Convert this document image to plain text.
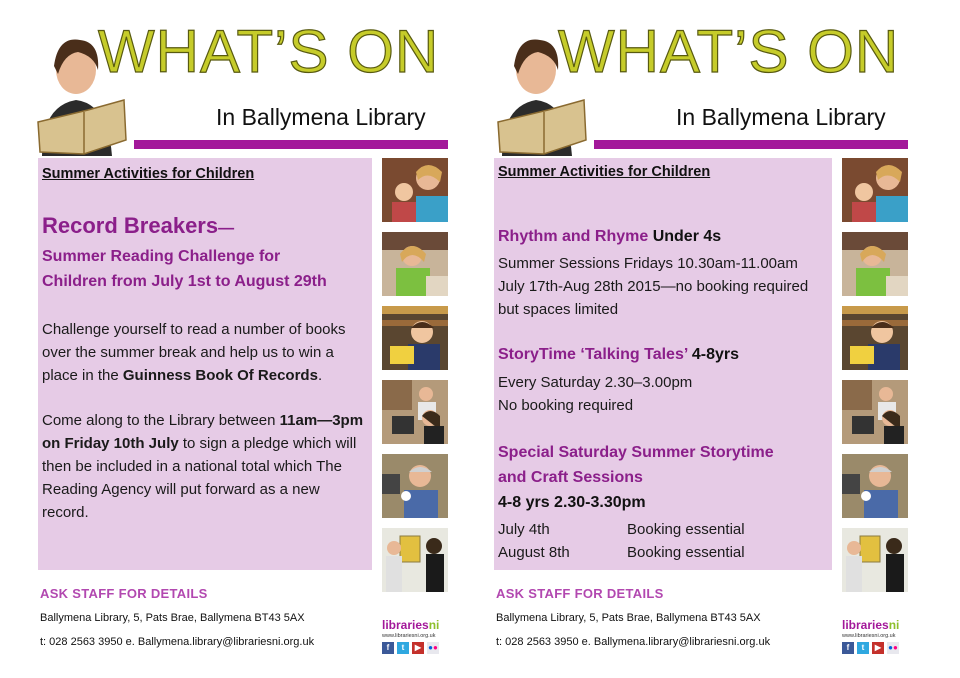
WHAT’S ON
In Ballymena Library
Summer Activities for Children
Record Breakers—
Summer Reading Challenge for
Children from July 1st to August 29th
Challenge yourself to read a number of books over the summer break and help us to win a place in the Guinness Book Of Records.
Come along to the Library between 11am—3pm on Friday 10th July to sign a pledge which will then be included in a national total which The Reading Agency will put forward as a new record.
ASK STAFF FOR DETAILS
Ballymena Library, 5, Pats Brae, Ballymena BT43 5AX
t: 028 2563 3950 e. Ballymena.library@librariesni.org.uk
librariesni
www.librariesni.org.uk
f	t	▶ ●●
WHAT’S ON
In Ballymena Library
Summer Activities for Children
Rhythm and Rhyme Under 4s
Summer Sessions Fridays 10.30am-11.00am
July 17th-Aug 28th 2015—no booking required
but spaces limited
StoryTime ‘Talking Tales’ 4-8yrs
Every Saturday 2.30–3.00pm
No booking required
Special Saturday Summer Storytime
and Craft Sessions
4-8 yrs 2.30-3.30pm
July 4th	Booking essential
August 8th	Booking essential
ASK STAFF FOR DETAILS
Ballymena Library, 5, Pats Brae, Ballymena BT43 5AX
t: 028 2563 3950 e. Ballymena.library@librariesni.org.uk
librariesni
www.librariesni.org.uk
f	t	▶ ●●
